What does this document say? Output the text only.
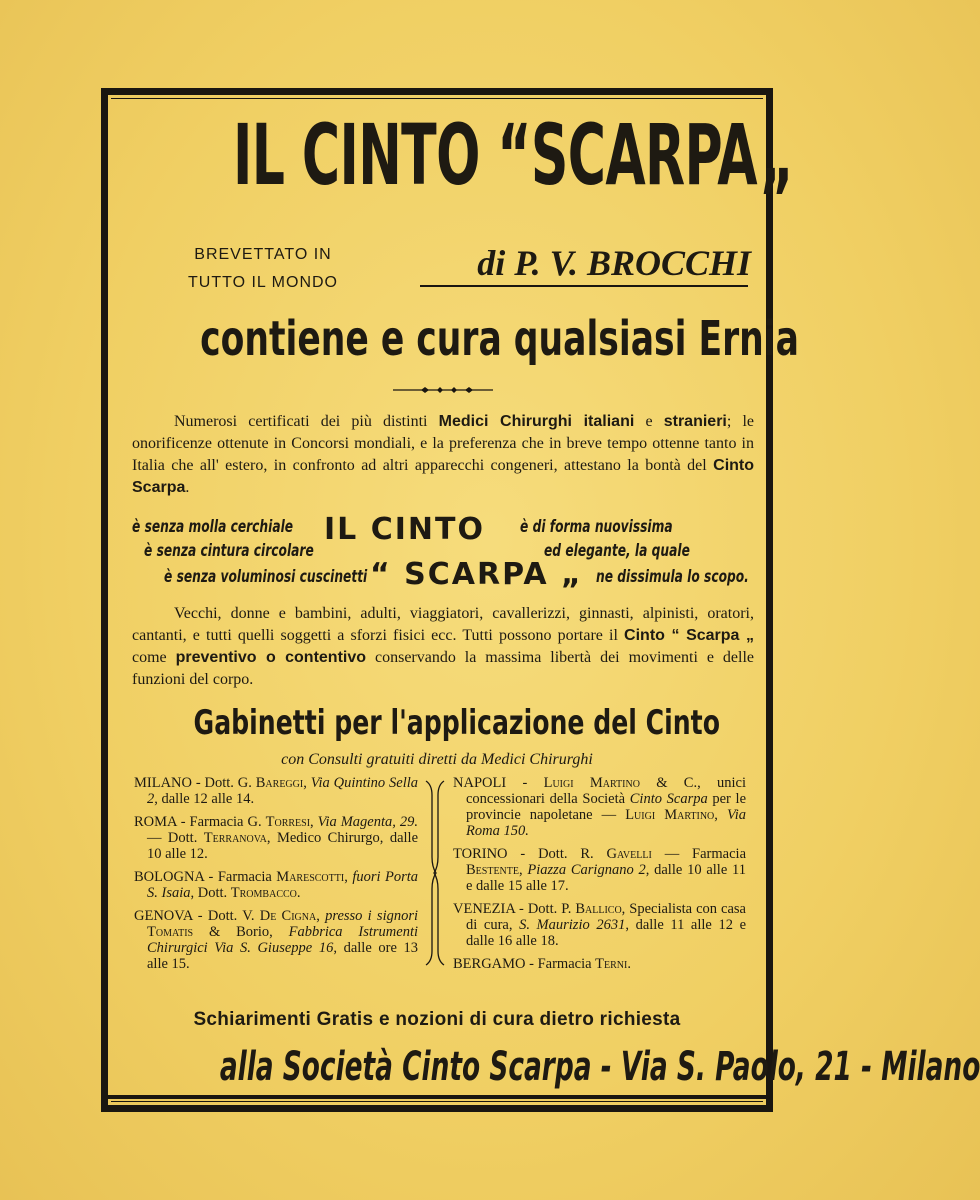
IL CINTO “SCARPA„
BREVETTATO IN
TUTTO IL MONDO	di P. V. BROCCHI
contiene e cura qualsiasi Ernia
Numerosi certificati dei più distinti Medici Chirurghi italiani e stranieri; le onorificenze ottenute in Concorsi mondiali, e la preferenza che in breve tempo ottenne tanto in Italia che all' estero, in confronto ad altri apparecchi congeneri, attestano la bontà del Cinto Scarpa.
è senza molla cerchiale
è senza cintura circolare
è senza voluminosi cuscinetti
IL CINTO
“ SCARPA „
è di forma nuovissima
ed elegante, la quale
ne dissimula lo scopo.
Vecchi, donne e bambini, adulti, viaggiatori, cavallerizzi, ginnasti, alpinisti, oratori, cantanti, e tutti quelli soggetti a sforzi fisici ecc. Tutti possono portare il Cinto “ Scarpa „ come preventivo o contentivo conservando la massima libertà dei movimenti e delle funzioni del corpo.
Gabinetti per l'applicazione del Cinto
con Consulti gratuiti diretti da Medici Chirurghi

MILANO - Dott. G. Bareggi, Via Quintino Sella 2, dalle 12 alle 14.

ROMA - Farmacia G. Torresi, Via Magenta, 29. — Dott. Terranova, Medico Chirurgo, dalle 10 alle 12.

BOLOGNA - Farmacia Marescotti, fuori Porta S. Isaia, Dott. Trombacco.

GENOVA - Dott. V. De Cigna, presso i signori Tomatis & Borio, Fabbrica Istrumenti Chirurgici Via S. Giuseppe 16, dalle ore 13 alle 15.

NAPOLI - Luigi Martino & C., unici concessionari della Società Cinto Scarpa per le provincie napoletane — Luigi Martino, Via Roma 150.

TORINO - Dott. R. Gavelli — Farmacia Bestente, Piazza Carignano 2, dalle 10 alle 11 e dalle 15 alle 17.

VENEZIA - Dott. P. Ballico, Specialista con casa di cura, S. Maurizio 2631, dalle 11 alle 12 e dalle 16 alle 18.

BERGAMO - Farmacia Terni.

Schiarimenti Gratis e nozioni di cura dietro richiesta
alla Società Cinto Scarpa - Via S. Paolo, 21 - Milano
